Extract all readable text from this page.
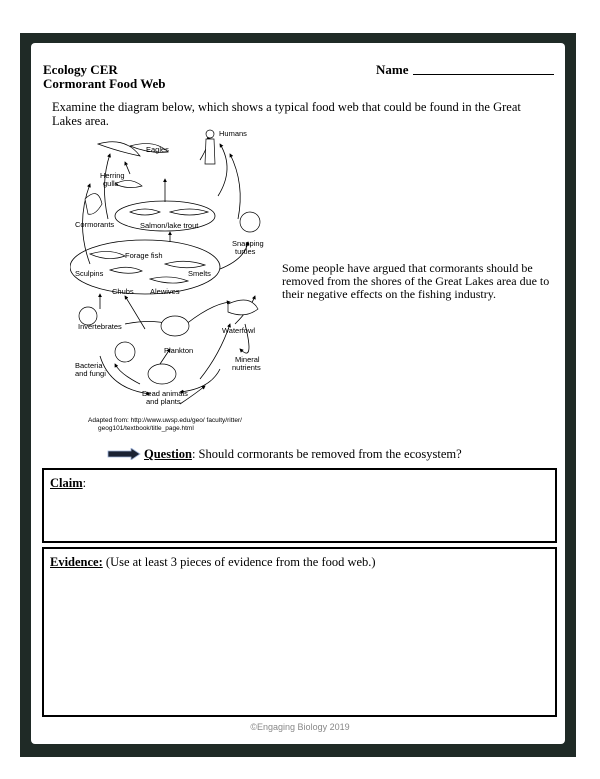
Ecology CER
Cormorant Food Web
Name
Examine the diagram below, which shows a typical food web that could be found in the Great Lakes area.
Humans
Eagles
Herring
gulls
Cormorants	Salmon/lake trout
Snapping
turtles
Forage fish
Sculpins	Smelts
Chubs Alewives
Invertebrates	Waterfowl
Plankton
Bacteria
and fungi
Mineral
nutrients
Dead animals
and plants
Adapted from: http://www.uwsp.edu/geo/ faculty/ritter/
geog101/textbook/title_page.html
Some people have argued that cormorants should be removed from the shores of the Great Lakes area due to their negative effects on the fishing industry.
Question: Should cormorants be removed from the ecosystem?
Claim:
Evidence: (Use at least 3 pieces of evidence from the food web.)
©Engaging Biology 2019
